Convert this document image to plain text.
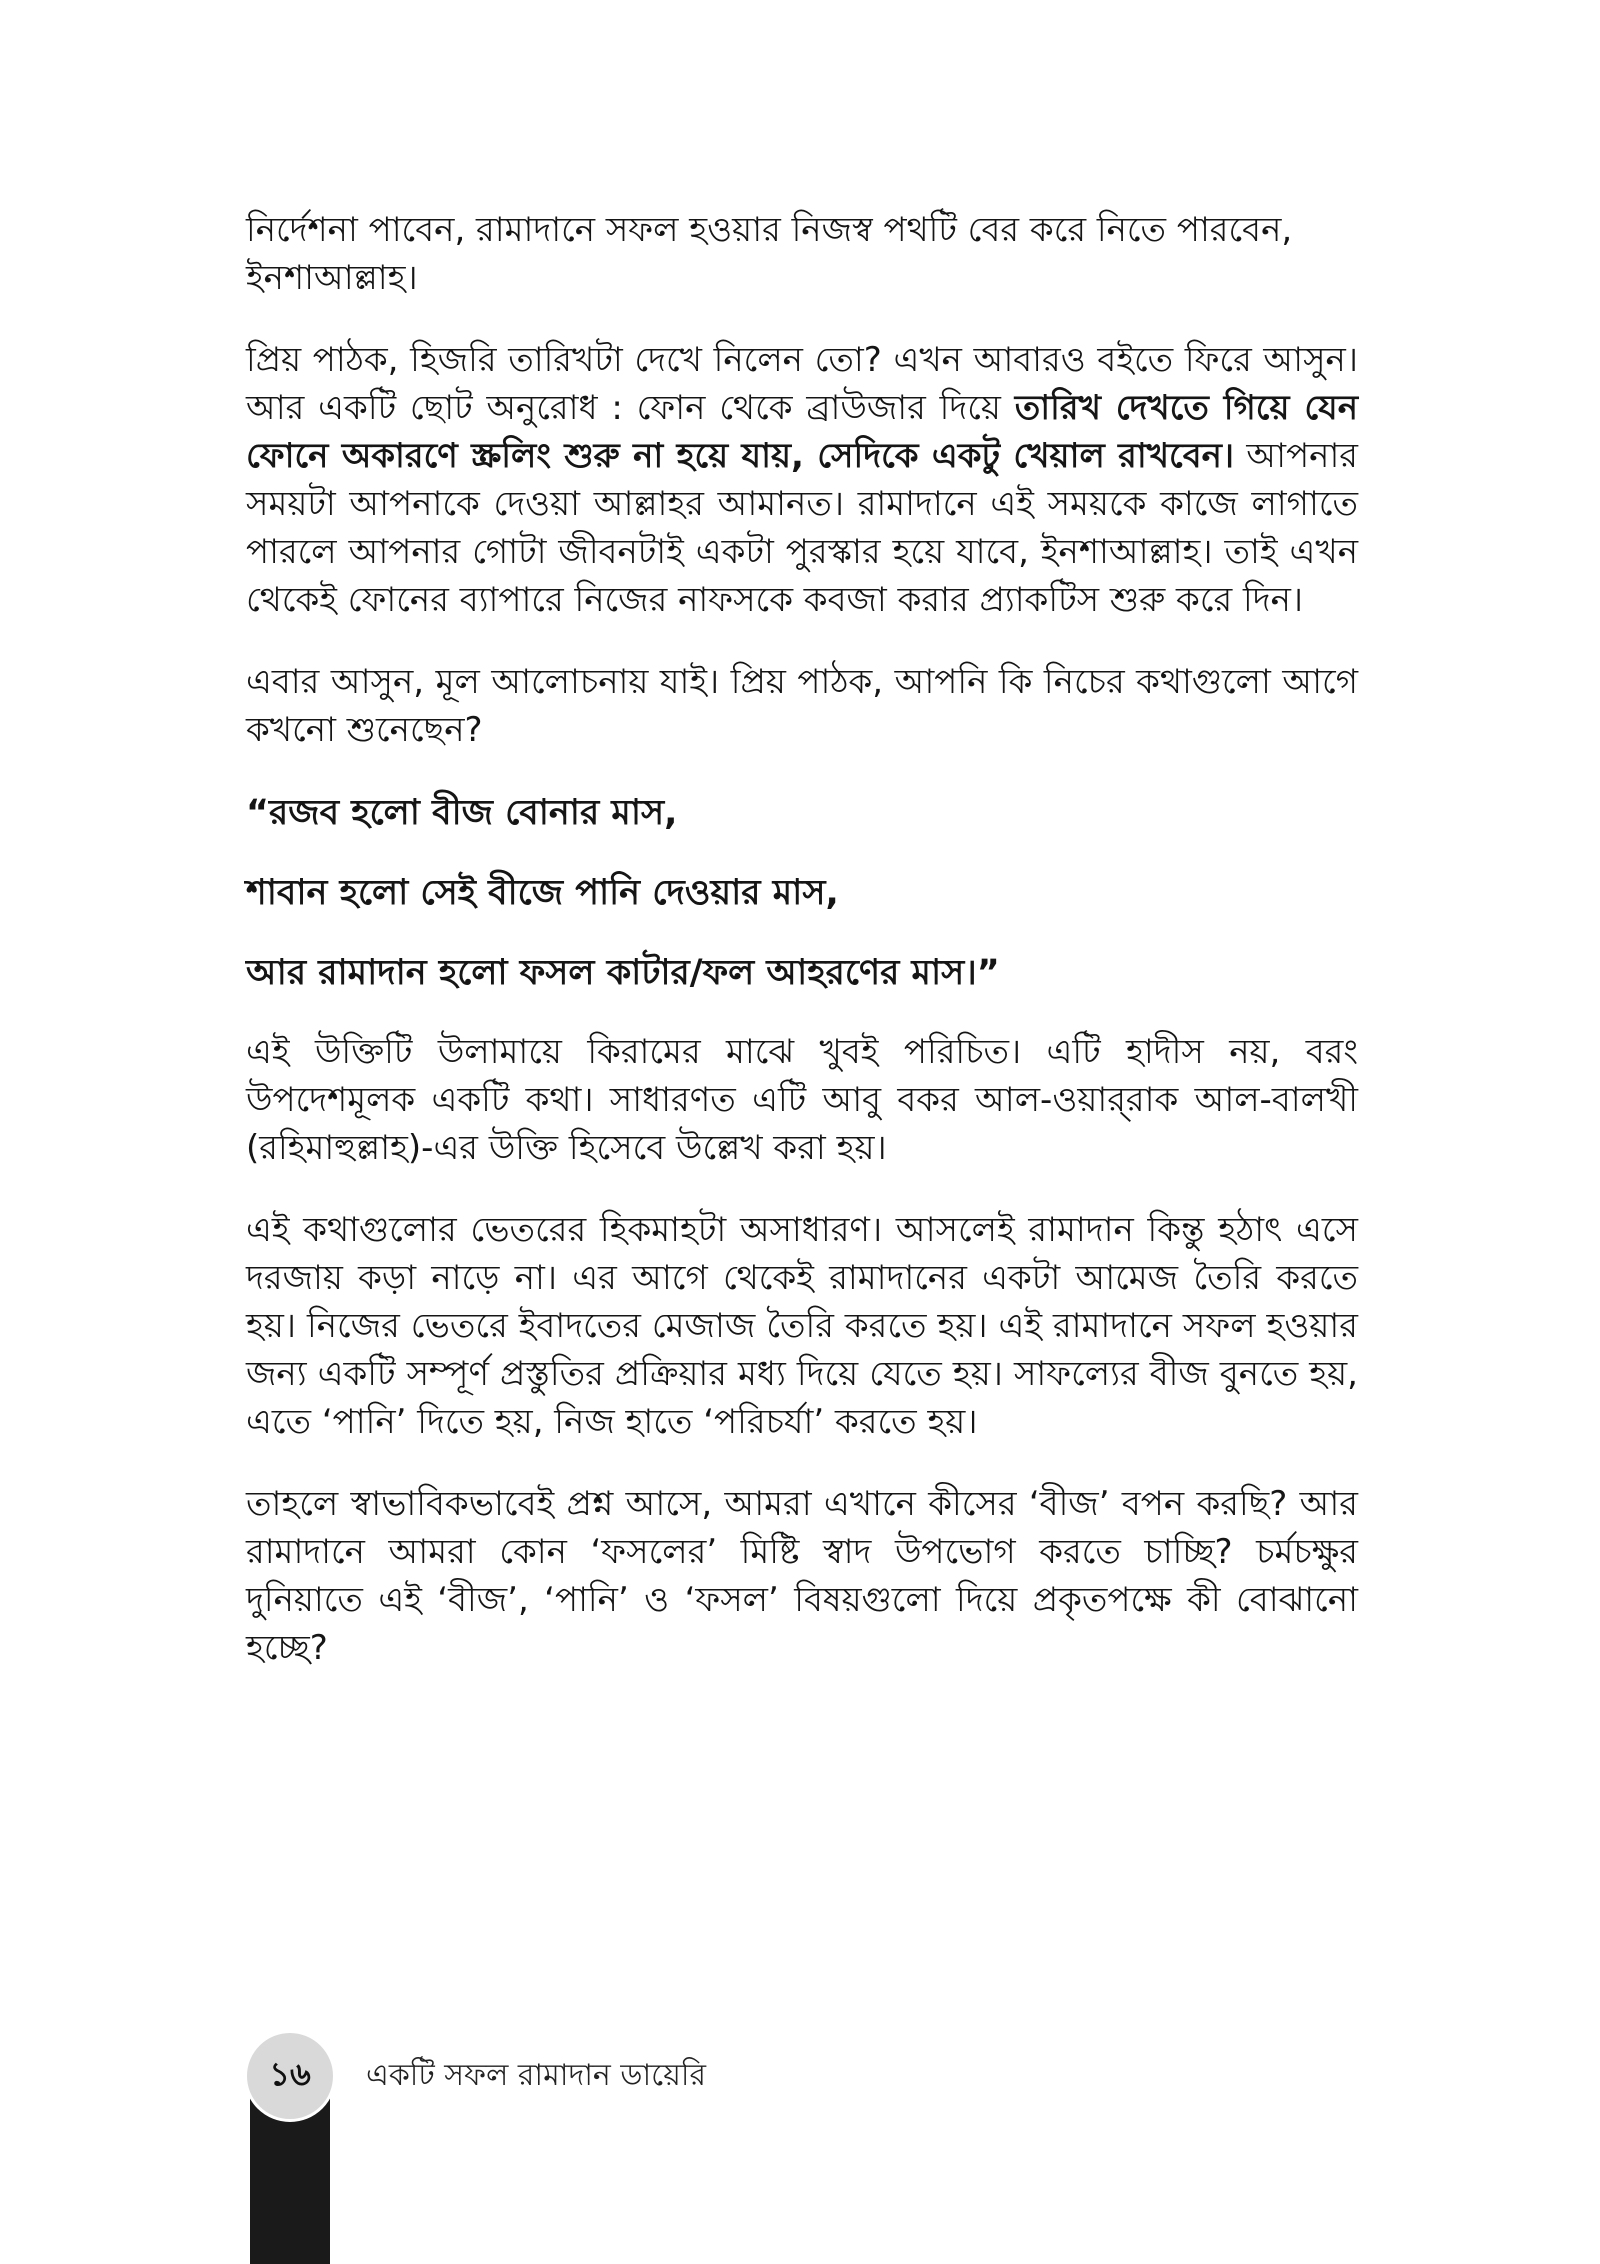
নির্দেশনা পাবেন, রামাদানে সফল হওয়ার নিজস্ব পথটি বের করে নিতে পারবেন, ইনশাআল্লাহ।

প্রিয় পাঠক, হিজরি তারিখটা দেখে নিলেন তো? এখন আবারও বইতে ফিরে আসুন। আর একটি ছোট অনুরোধ : ফোন থেকে ব্রাউজার দিয়ে তারিখ দেখতে গিয়ে যেন ফোনে অকারণে স্ক্রলিং শুরু না হয়ে যায়, সেদিকে একটু খেয়াল রাখবেন। আপনার সময়টা আপনাকে দেওয়া আল্লাহর আমানত। রামাদানে এই সময়কে কাজে লাগাতে পারলে আপনার গোটা জীবনটাই একটা পুরস্কার হয়ে যাবে, ইনশাআল্লাহ। তাই এখন থেকেই ফোনের ব্যাপারে নিজের নাফসকে কবজা করার প্র্যাকটিস শুরু করে দিন।

এবার আসুন, মূল আলোচনায় যাই। প্রিয় পাঠক, আপনি কি নিচের কথাগুলো আগে কখনো শুনেছেন?

“রজব হলো বীজ বোনার মাস,
শাবান হলো সেই বীজে পানি দেওয়ার মাস,
আর রামাদান হলো ফসল কাটার/ফল আহরণের মাস।”

এই উক্তিটি উলামায়ে কিরামের মাঝে খুবই পরিচিত। এটি হাদীস নয়, বরং উপদেশমূলক একটি কথা। সাধারণত এটি আবু বকর আল-ওয়ার্‌রাক আল-বালখী (রহিমাহুল্লাহ)-এর উক্তি হিসেবে উল্লেখ করা হয়।

এই কথাগুলোর ভেতরের হিকমাহটা অসাধারণ। আসলেই রামাদান কিন্তু হঠাৎ এসে দরজায় কড়া নাড়ে না। এর আগে থেকেই রামাদানের একটা আমেজ তৈরি করতে হয়। নিজের ভেতরে ইবাদতের মেজাজ তৈরি করতে হয়। এই রামাদানে সফল হওয়ার জন্য একটি সম্পূর্ণ প্রস্তুতির প্রক্রিয়ার মধ্য দিয়ে যেতে হয়। সাফল্যের বীজ বুনতে হয়, এতে ‘পানি’ দিতে হয়, নিজ হাতে ‘পরিচর্যা’ করতে হয়।

তাহলে স্বাভাবিকভাবেই প্রশ্ন আসে, আমরা এখানে কীসের ‘বীজ’ বপন করছি? আর রামাদানে আমরা কোন ‘ফসলের’ মিষ্টি স্বাদ উপভোগ করতে চাচ্ছি? চর্মচক্ষুর দুনিয়াতে এই ‘বীজ’, ‘পানি’ ও ‘ফসল’ বিষয়গুলো দিয়ে প্রকৃতপক্ষে কী বোঝানো হচ্ছে?

১৬ একটি সফল রামাদান ডায়েরি
